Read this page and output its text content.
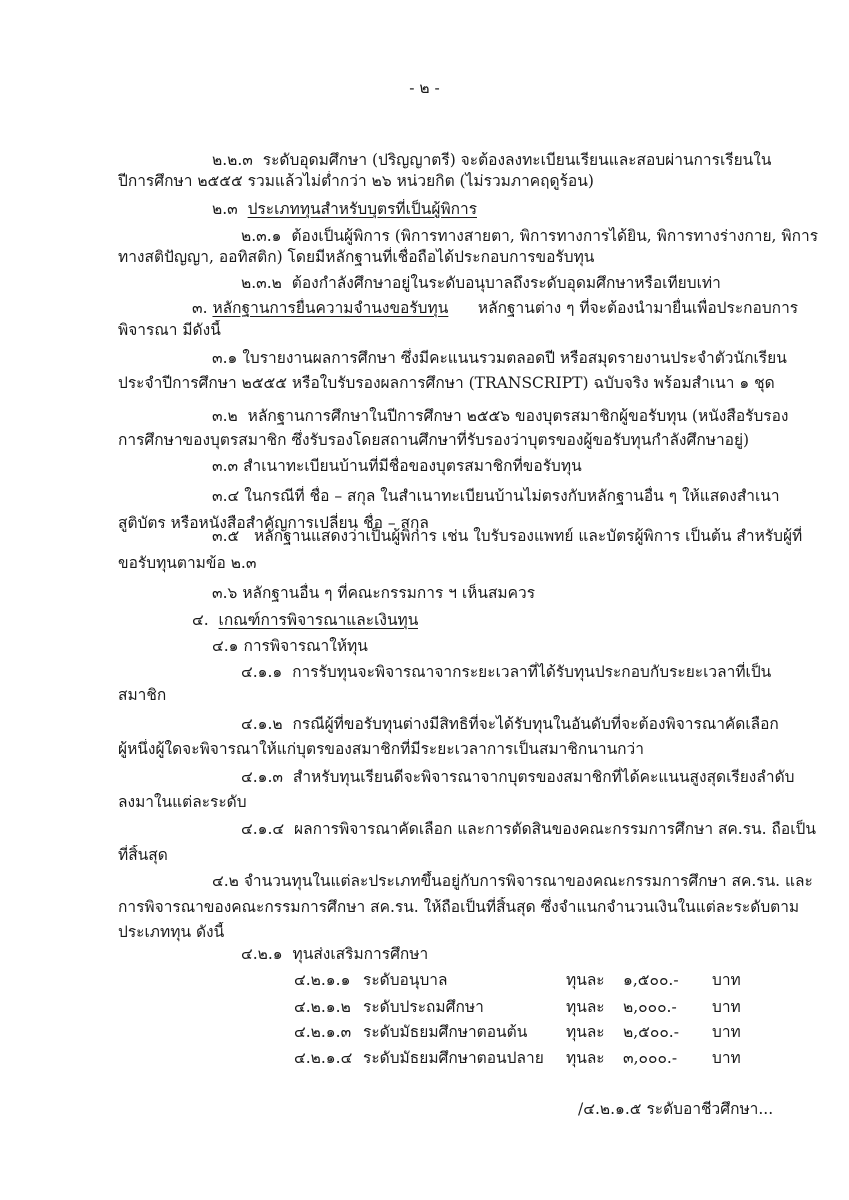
- ๒ -
๒.๒.๓ ระดับอุดมศึกษา (ปริญญาตรี) จะต้องลงทะเบียนเรียนและสอบผ่านการเรียนใน
ปีการศึกษา ๒๕๕๕ รวมแล้วไม่ต่ำกว่า ๒๖ หน่วยกิต (ไม่รวมภาคฤดูร้อน)
๒.๓ ประเภททุนสำหรับบุตรที่เป็นผู้พิการ
๒.๓.๑ ต้องเป็นผู้พิการ (พิการทางสายตา, พิการทางการได้ยิน, พิการทางร่างกาย, พิการ
ทางสติปัญญา, ออทิสติก) โดยมีหลักฐานที่เชื่อถือได้ประกอบการขอรับทุน
๒.๓.๒ ต้องกำลังศึกษาอยู่ในระดับอนุบาลถึงระดับอุดมศึกษาหรือเทียบเท่า
๓. หลักฐานการยื่นความจำนงขอรับทุน หลักฐานต่าง ๆ ที่จะต้องนำมายื่นเพื่อประกอบการ
พิจารณา มีดังนี้
๓.๑ ใบรายงานผลการศึกษา ซึ่งมีคะแนนรวมตลอดปี หรือสมุดรายงานประจำตัวนักเรียน
ประจำปีการศึกษา ๒๕๕๕ หรือใบรับรองผลการศึกษา (TRANSCRIPT) ฉบับจริง พร้อมสำเนา ๑ ชุด
๓.๒ หลักฐานการศึกษาในปีการศึกษา ๒๕๕๖ ของบุตรสมาชิกผู้ขอรับทุน (หนังสือรับรอง
การศึกษาของบุตรสมาชิก ซึ่งรับรองโดยสถานศึกษาที่รับรองว่าบุตรของผู้ขอรับทุนกำลังศึกษาอยู่)
๓.๓ สำเนาทะเบียนบ้านที่มีชื่อของบุตรสมาชิกที่ขอรับทุน
๓.๔ ในกรณีที่ ชื่อ – สกุล ในสำเนาทะเบียนบ้านไม่ตรงกับหลักฐานอื่น ๆ ให้แสดงสำเนา
สูติบัตร หรือหนังสือสำคัญการเปลี่ยน ชื่อ – สกุล
๓.๕ หลักฐานแสดงว่าเป็นผู้พิการ เช่น ใบรับรองแพทย์ และบัตรผู้พิการ เป็นต้น สำหรับผู้ที่
ขอรับทุนตามข้อ ๒.๓
๓.๖ หลักฐานอื่น ๆ ที่คณะกรรมการ ฯ เห็นสมควร
๔. เกณฑ์การพิจารณาและเงินทุน
๔.๑ การพิจารณาให้ทุน
๔.๑.๑ การรับทุนจะพิจารณาจากระยะเวลาที่ได้รับทุนประกอบกับระยะเวลาที่เป็น
สมาชิก
๔.๑.๒ กรณีผู้ที่ขอรับทุนต่างมีสิทธิที่จะได้รับทุนในอันดับที่จะต้องพิจารณาคัดเลือก
ผู้หนึ่งผู้ใดจะพิจารณาให้แก่บุตรของสมาชิกที่มีระยะเวลาการเป็นสมาชิกนานกว่า
๔.๑.๓ สำหรับทุนเรียนดีจะพิจารณาจากบุตรของสมาชิกที่ได้คะแนนสูงสุดเรียงลำดับ
ลงมาในแต่ละระดับ
๔.๑.๔ ผลการพิจารณาคัดเลือก และการตัดสินของคณะกรรมการศึกษา สค.รน. ถือเป็น
ที่สิ้นสุด
๔.๒ จำนวนทุนในแต่ละประเภทขึ้นอยู่กับการพิจารณาของคณะกรรมการศึกษา สค.รน. และ
การพิจารณาของคณะกรรมการศึกษา สค.รน. ให้ถือเป็นที่สิ้นสุด ซึ่งจำแนกจำนวนเงินในแต่ละระดับตาม
ประเภททุน ดังนี้
๔.๒.๑ ทุนส่งเสริมการศึกษา
๔.๒.๑.๑ ระดับอนุบาล	ทุนละ ๑,๕๐๐.- บาท
๔.๒.๑.๒ ระดับประถมศึกษา	ทุนละ ๒,๐๐๐.- บาท
๔.๒.๑.๓ ระดับมัธยมศึกษาตอนต้น ทุนละ ๒,๕๐๐.- บาท
๔.๒.๑.๔ ระดับมัธยมศึกษาตอนปลาย ทุนละ ๓,๐๐๐.- บาท
/๔.๒.๑.๕ ระดับอาชีวศึกษา...
